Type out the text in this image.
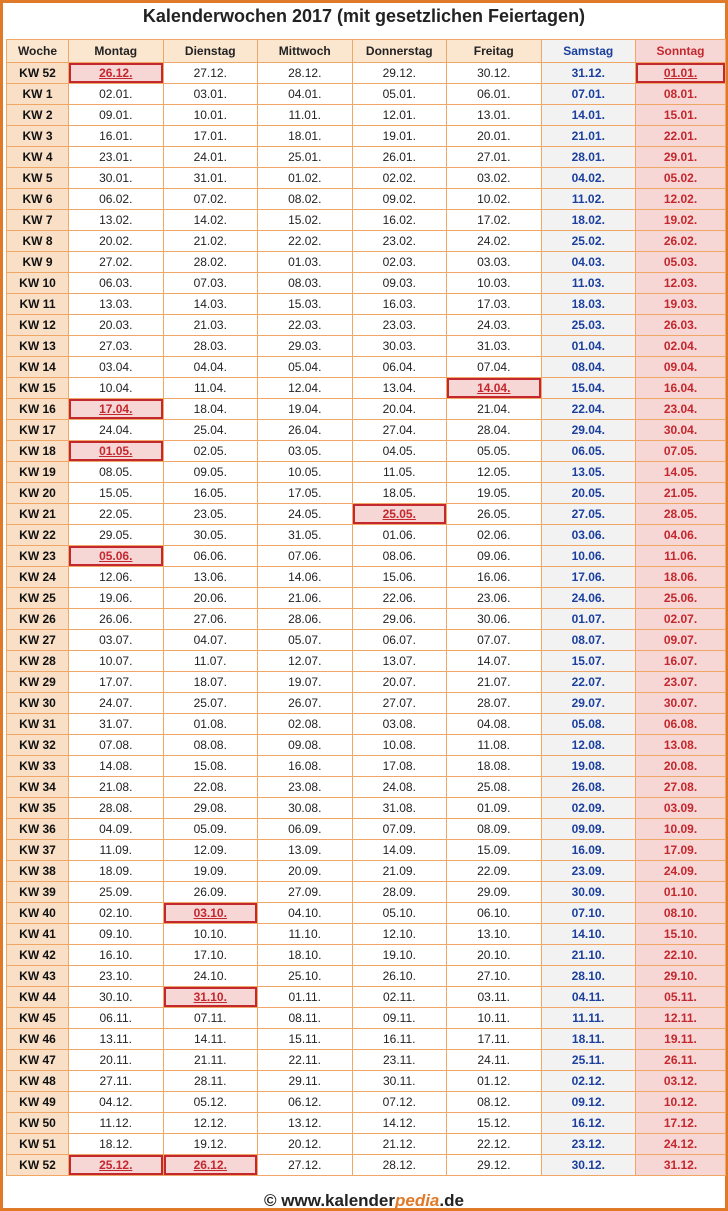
Kalenderwochen 2017 (mit gesetzlichen Feiertagen)
Woche	Montag	Dienstag	Mittwoch	Donnerstag	Freitag	Samstag	Sonntag
KW 52	26.12.	27.12.	28.12.	29.12.	30.12.	31.12.	01.01.
KW 1	02.01.	03.01.	04.01.	05.01.	06.01.	07.01.	08.01.
KW 2	09.01.	10.01.	11.01.	12.01.	13.01.	14.01.	15.01.
KW 3	16.01.	17.01.	18.01.	19.01.	20.01.	21.01.	22.01.
KW 4	23.01.	24.01.	25.01.	26.01.	27.01.	28.01.	29.01.
KW 5	30.01.	31.01.	01.02.	02.02.	03.02.	04.02.	05.02.
KW 6	06.02.	07.02.	08.02.	09.02.	10.02.	11.02.	12.02.
KW 7	13.02.	14.02.	15.02.	16.02.	17.02.	18.02.	19.02.
KW 8	20.02.	21.02.	22.02.	23.02.	24.02.	25.02.	26.02.
KW 9	27.02.	28.02.	01.03.	02.03.	03.03.	04.03.	05.03.
KW 10	06.03.	07.03.	08.03.	09.03.	10.03.	11.03.	12.03.
KW 11	13.03.	14.03.	15.03.	16.03.	17.03.	18.03.	19.03.
KW 12	20.03.	21.03.	22.03.	23.03.	24.03.	25.03.	26.03.
KW 13	27.03.	28.03.	29.03.	30.03.	31.03.	01.04.	02.04.
KW 14	03.04.	04.04.	05.04.	06.04.	07.04.	08.04.	09.04.
KW 15	10.04.	11.04.	12.04.	13.04.	14.04.	15.04.	16.04.
KW 16	17.04.	18.04.	19.04.	20.04.	21.04.	22.04.	23.04.
KW 17	24.04.	25.04.	26.04.	27.04.	28.04.	29.04.	30.04.
KW 18	01.05.	02.05.	03.05.	04.05.	05.05.	06.05.	07.05.
KW 19	08.05.	09.05.	10.05.	11.05.	12.05.	13.05.	14.05.
KW 20	15.05.	16.05.	17.05.	18.05.	19.05.	20.05.	21.05.
KW 21	22.05.	23.05.	24.05.	25.05.	26.05.	27.05.	28.05.
KW 22	29.05.	30.05.	31.05.	01.06.	02.06.	03.06.	04.06.
KW 23	05.06.	06.06.	07.06.	08.06.	09.06.	10.06.	11.06.
KW 24	12.06.	13.06.	14.06.	15.06.	16.06.	17.06.	18.06.
KW 25	19.06.	20.06.	21.06.	22.06.	23.06.	24.06.	25.06.
KW 26	26.06.	27.06.	28.06.	29.06.	30.06.	01.07.	02.07.
KW 27	03.07.	04.07.	05.07.	06.07.	07.07.	08.07.	09.07.
KW 28	10.07.	11.07.	12.07.	13.07.	14.07.	15.07.	16.07.
KW 29	17.07.	18.07.	19.07.	20.07.	21.07.	22.07.	23.07.
KW 30	24.07.	25.07.	26.07.	27.07.	28.07.	29.07.	30.07.
KW 31	31.07.	01.08.	02.08.	03.08.	04.08.	05.08.	06.08.
KW 32	07.08.	08.08.	09.08.	10.08.	11.08.	12.08.	13.08.
KW 33	14.08.	15.08.	16.08.	17.08.	18.08.	19.08.	20.08.
KW 34	21.08.	22.08.	23.08.	24.08.	25.08.	26.08.	27.08.
KW 35	28.08.	29.08.	30.08.	31.08.	01.09.	02.09.	03.09.
KW 36	04.09.	05.09.	06.09.	07.09.	08.09.	09.09.	10.09.
KW 37	11.09.	12.09.	13.09.	14.09.	15.09.	16.09.	17.09.
KW 38	18.09.	19.09.	20.09.	21.09.	22.09.	23.09.	24.09.
KW 39	25.09.	26.09.	27.09.	28.09.	29.09.	30.09.	01.10.
KW 40	02.10.	03.10.	04.10.	05.10.	06.10.	07.10.	08.10.
KW 41	09.10.	10.10.	11.10.	12.10.	13.10.	14.10.	15.10.
KW 42	16.10.	17.10.	18.10.	19.10.	20.10.	21.10.	22.10.
KW 43	23.10.	24.10.	25.10.	26.10.	27.10.	28.10.	29.10.
KW 44	30.10.	31.10.	01.11.	02.11.	03.11.	04.11.	05.11.
KW 45	06.11.	07.11.	08.11.	09.11.	10.11.	11.11.	12.11.
KW 46	13.11.	14.11.	15.11.	16.11.	17.11.	18.11.	19.11.
KW 47	20.11.	21.11.	22.11.	23.11.	24.11.	25.11.	26.11.
KW 48	27.11.	28.11.	29.11.	30.11.	01.12.	02.12.	03.12.
KW 49	04.12.	05.12.	06.12.	07.12.	08.12.	09.12.	10.12.
KW 50	11.12.	12.12.	13.12.	14.12.	15.12.	16.12.	17.12.
KW 51	18.12.	19.12.	20.12.	21.12.	22.12.	23.12.	24.12.
KW 52	25.12.	26.12.	27.12.	28.12.	29.12.	30.12.	31.12.
© www.kalenderpedia.de
